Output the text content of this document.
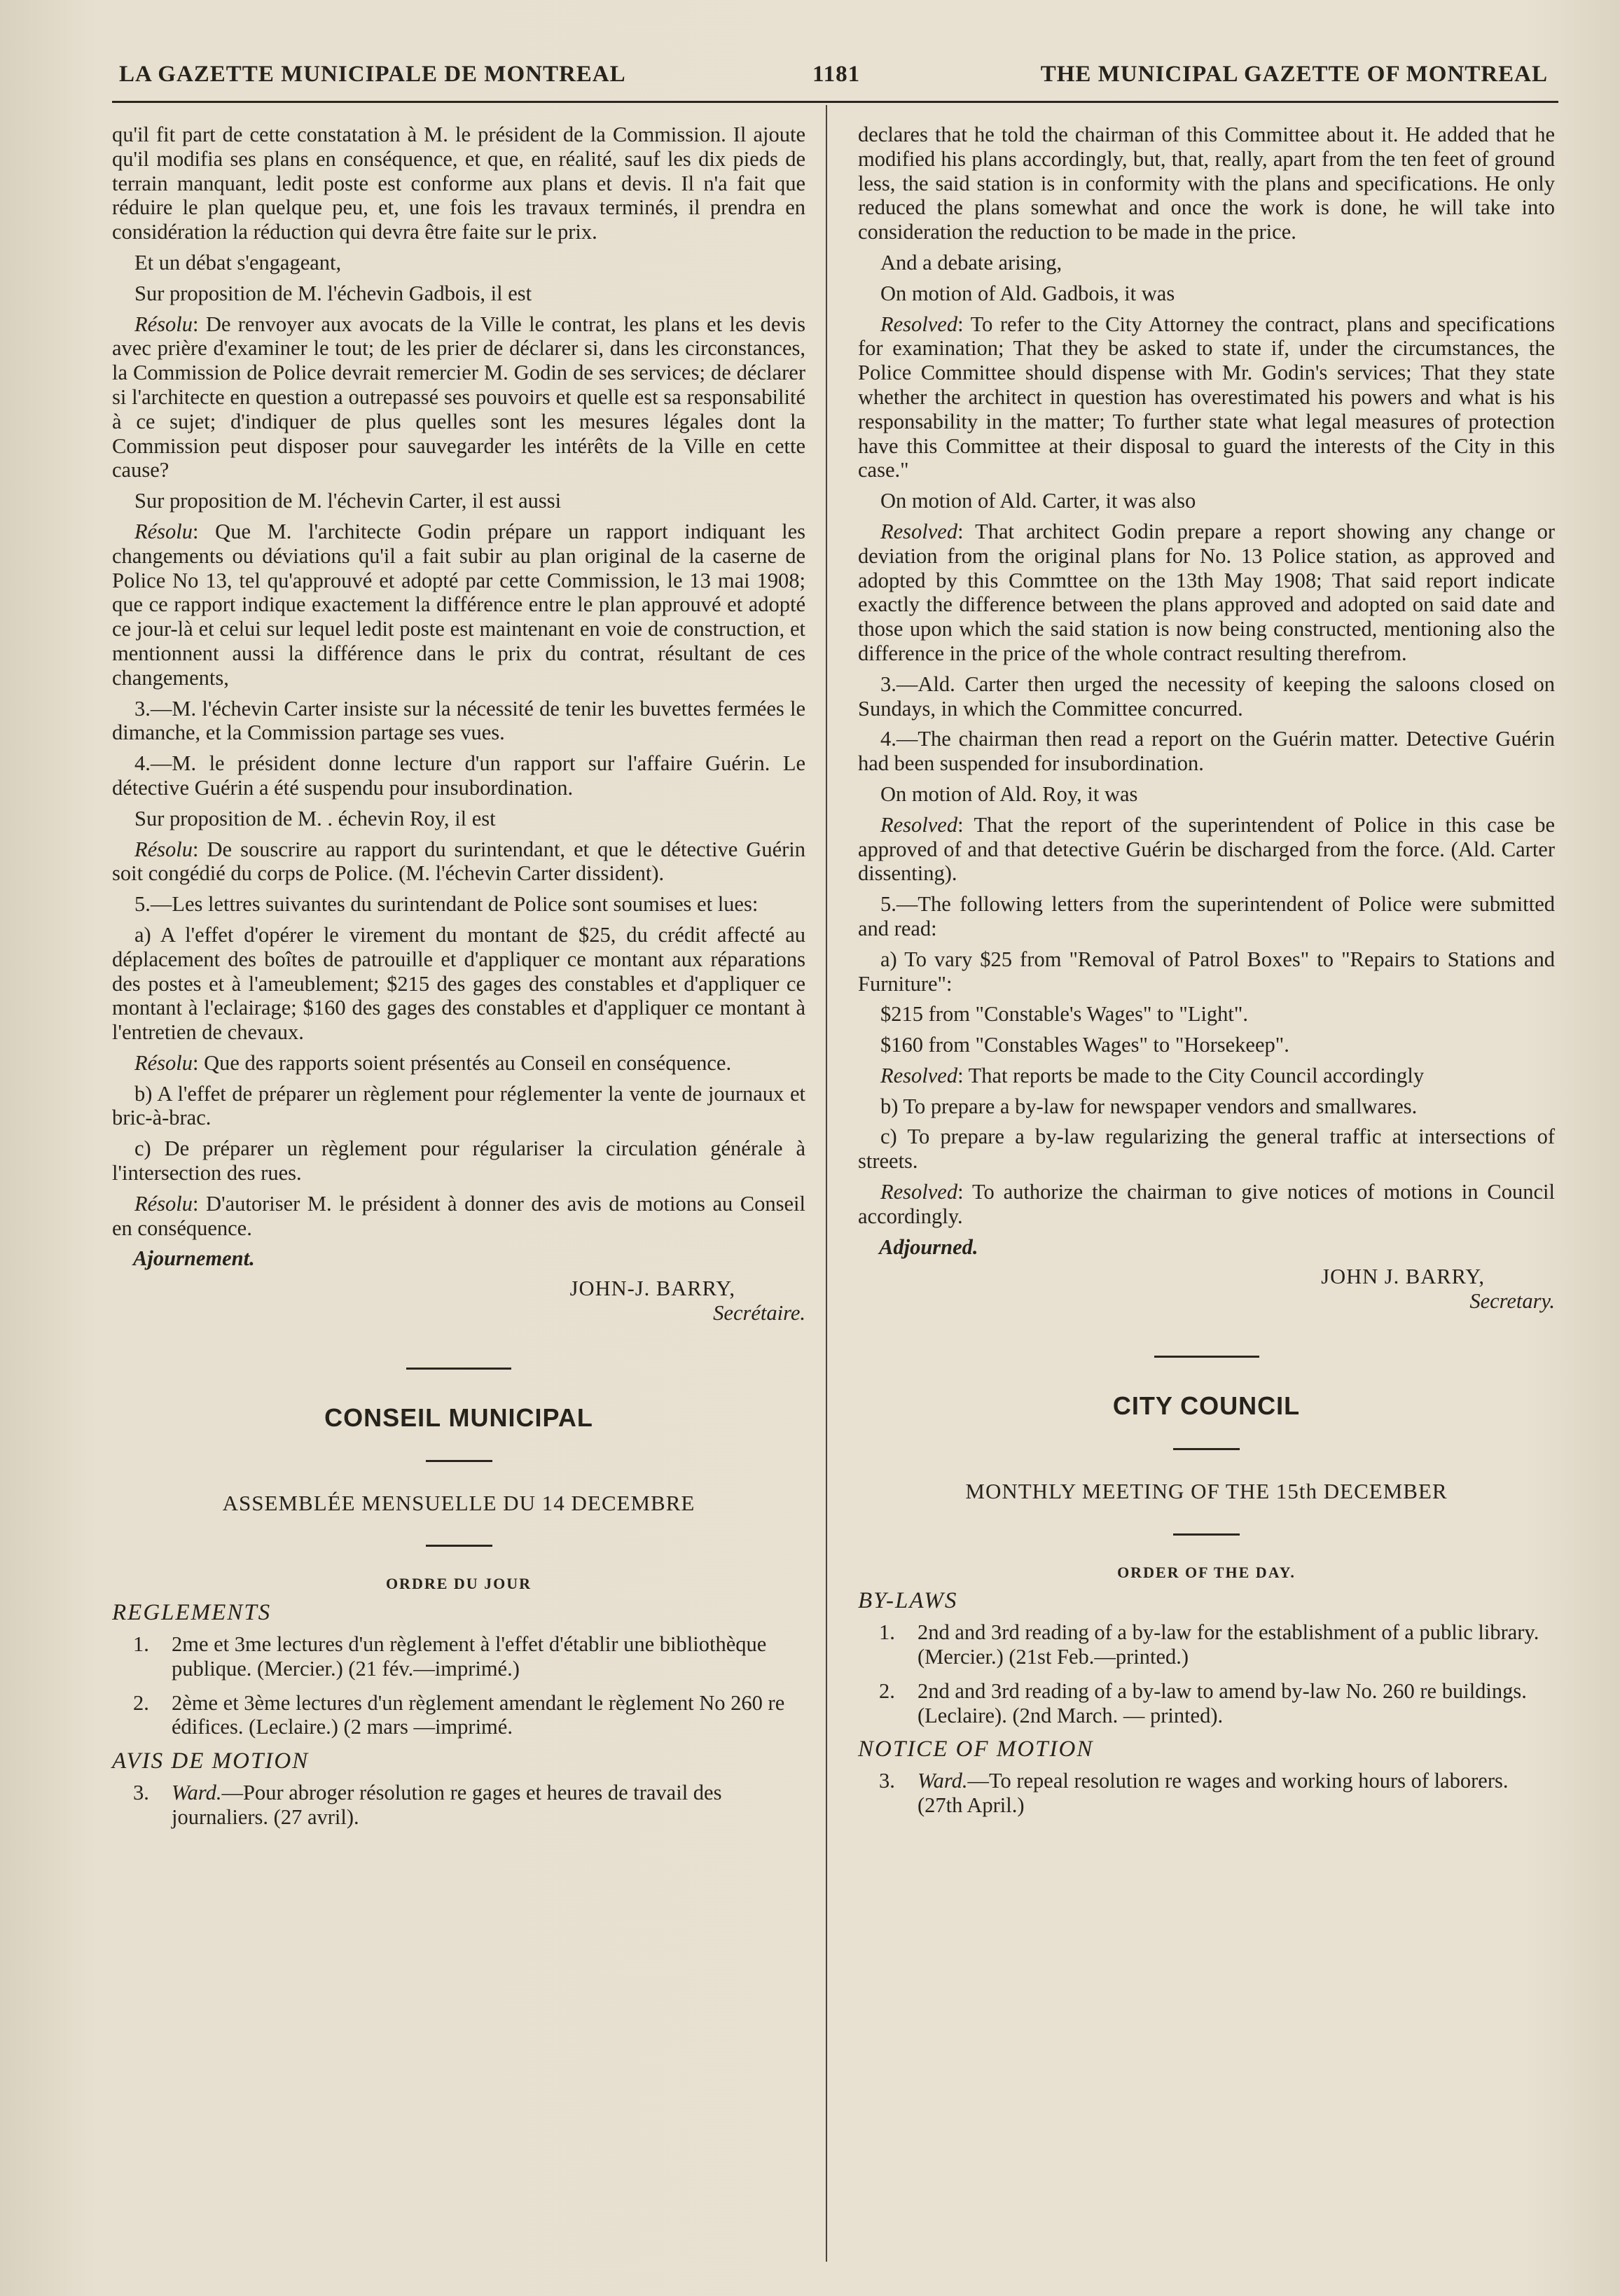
LA GAZETTE MUNICIPALE DE MONTREAL	1181	THE MUNICIPAL GAZETTE OF MONTREAL

qu'il fit part de cette constatation à M. le président de la Commission. Il ajoute qu'il modifia ses plans en conséquence, et que, en réalité, sauf les dix pieds de terrain manquant, ledit poste est conforme aux plans et devis. Il n'a fait que réduire le plan quelque peu, et, une fois les travaux terminés, il prendra en considération la réduction qui devra être faite sur le prix.

Et un débat s'engageant,

Sur proposition de M. l'échevin Gadbois, il est

Résolu: De renvoyer aux avocats de la Ville le contrat, les plans et les devis avec prière d'examiner le tout; de les prier de déclarer si, dans les circonstances, la Commission de Police devrait remercier M. Godin de ses services; de déclarer si l'architecte en question a outrepassé ses pouvoirs et quelle est sa responsabilité à ce sujet; d'indiquer de plus quelles sont les mesures légales dont la Commission peut disposer pour sauvegarder les intérêts de la Ville en cette cause?

Sur proposition de M. l'échevin Carter, il est aussi

Résolu: Que M. l'architecte Godin prépare un rapport indiquant les changements ou déviations qu'il a fait subir au plan original de la caserne de Police No 13, tel qu'approuvé et adopté par cette Commission, le 13 mai 1908; que ce rapport indique exactement la différence entre le plan approuvé et adopté ce jour-là et celui sur lequel ledit poste est maintenant en voie de construction, et mentionnent aussi la différence dans le prix du contrat, résultant de ces changements,

3.—M. l'échevin Carter insiste sur la nécessité de tenir les buvettes fermées le dimanche, et la Commission partage ses vues.

4.—M. le président donne lecture d'un rapport sur l'affaire Guérin. Le détective Guérin a été suspendu pour insubordination.

Sur proposition de M. . échevin Roy, il est

Résolu: De souscrire au rapport du surintendant, et que le détective Guérin soit congédié du corps de Police. (M. l'échevin Carter dissident).

5.—Les lettres suivantes du surintendant de Police sont soumises et lues:

a) A l'effet d'opérer le virement du montant de $25, du crédit affecté au déplacement des boîtes de patrouille et d'appliquer ce montant aux réparations des postes et à l'ameublement; $215 des gages des constables et d'appliquer ce montant à l'eclairage; $160 des gages des constables et d'appliquer ce montant à l'entretien de chevaux.

Résolu: Que des rapports soient présentés au Conseil en conséquence.

b) A l'effet de préparer un règlement pour réglementer la vente de journaux et bric-à-brac.

c) De préparer un règlement pour régulariser la circulation générale à l'intersection des rues.

Résolu: D'autoriser M. le président à donner des avis de motions au Conseil en conséquence.

Ajournement.
JOHN-J. BARRY,
Secrétaire.
CONSEIL MUNICIPAL
ASSEMBLÉE MENSUELLE DU 14 DECEMBRE
ORDRE DU JOUR
REGLEMENTS
1. 2me et 3me lectures d'un règlement à l'effet d'établir une bibliothèque publique. (Mercier.) (21 fév.—imprimé.)
2. 2ème et 3ème lectures d'un règlement amendant le règlement No 260 re édifices. (Leclaire.) (2 mars —imprimé.
AVIS DE MOTION
3. Ward.—Pour abroger résolution re gages et heures de travail des journaliers. (27 avril).

declares that he told the chairman of this Committee about it. He added that he modified his plans accordingly, but, that, really, apart from the ten feet of ground less, the said station is in conformity with the plans and specifications. He only reduced the plans somewhat and once the work is done, he will take into consideration the reduction to be made in the price.

And a debate arising,

On motion of Ald. Gadbois, it was

Resolved: To refer to the City Attorney the contract, plans and specifications for examination; That they be asked to state if, under the circumstances, the Police Committee should dispense with Mr. Godin's services; That they state whether the architect in question has overestimated his powers and what is his responsability in the matter; To further state what legal measures of protection have this Committee at their disposal to guard the interests of the City in this case."

On motion of Ald. Carter, it was also

Resolved: That architect Godin prepare a report showing any change or deviation from the original plans for No. 13 Police station, as approved and adopted by this Commttee on the 13th May 1908; That said report indicate exactly the difference between the plans approved and adopted on said date and those upon which the said station is now being constructed, mentioning also the difference in the price of the whole contract resulting therefrom.

3.—Ald. Carter then urged the necessity of keeping the saloons closed on Sundays, in which the Committee concurred.

4.—The chairman then read a report on the Guérin matter. Detective Guérin had been suspended for insubordination.

On motion of Ald. Roy, it was

Resolved: That the report of the superintendent of Police in this case be approved of and that detective Guérin be discharged from the force. (Ald. Carter dissenting).

5.—The following letters from the superintendent of Police were submitted and read:

a) To vary $25 from "Removal of Patrol Boxes" to "Repairs to Stations and Furniture":

$215 from "Constable's Wages" to "Light".

$160 from "Constables Wages" to "Horsekeep".

Resolved: That reports be made to the City Council accordingly

b) To prepare a by-law for newspaper vendors and smallwares.

c) To prepare a by-law regularizing the general traffic at intersections of streets.

Resolved: To authorize the chairman to give notices of motions in Council accordingly.

Adjourned.
JOHN J. BARRY,
Secretary.
CITY COUNCIL
MONTHLY MEETING OF THE 15th DECEMBER
ORDER OF THE DAY.
BY-LAWS
1. 2nd and 3rd reading of a by-law for the establishment of a public library. (Mercier.) (21st Feb.—printed.)
2. 2nd and 3rd reading of a by-law to amend by-law No. 260 re buildings. (Leclaire). (2nd March. — printed).
NOTICE OF MOTION
3. Ward.—To repeal resolution re wages and working hours of laborers. (27th April.)
